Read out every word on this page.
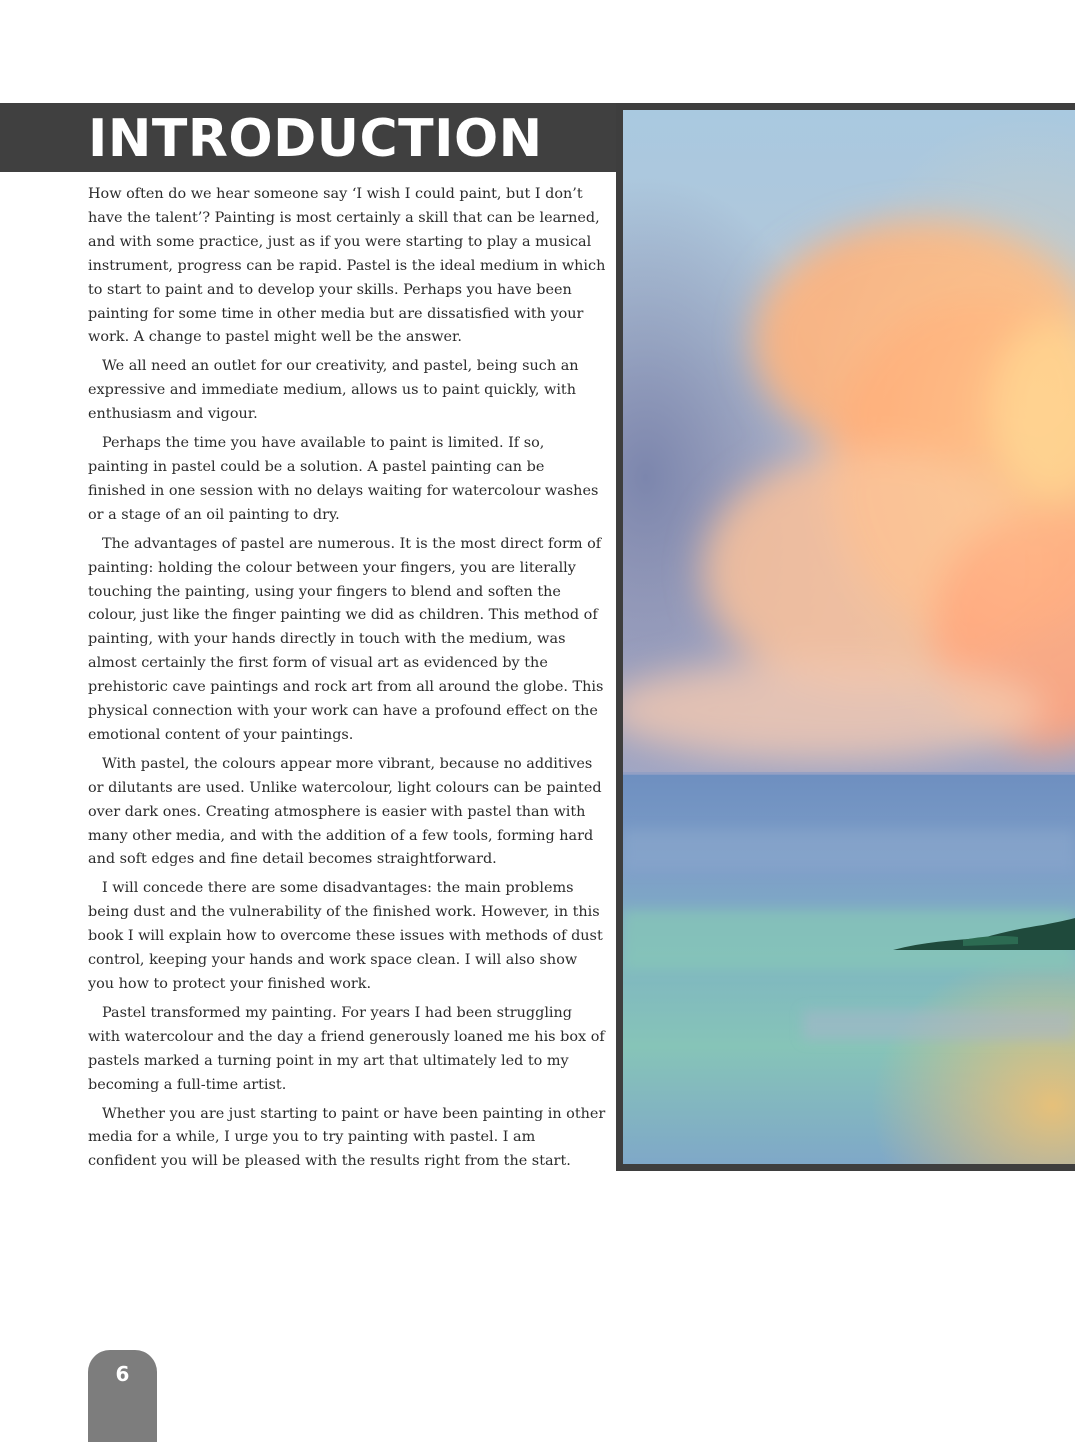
INTRODUCTION

How often do we hear someone say ‘I wish I could paint, but I don’t have the talent’? Painting is most certainly a skill that can be learned, and with some practice, just as if you were starting to play a musical instrument, progress can be rapid. Pastel is the ideal medium in which to start to paint and to develop your skills. Perhaps you have been painting for some time in other media but are dissatisfied with your work. A change to pastel might well be the answer.

We all need an outlet for our creativity, and pastel, being such an expressive and immediate medium, allows us to paint quickly, with enthusiasm and vigour.

Perhaps the time you have available to paint is limited. If so, painting in pastel could be a solution. A pastel painting can be finished in one session with no delays waiting for watercolour washes or a stage of an oil painting to dry.

The advantages of pastel are numerous. It is the most direct form of painting: holding the colour between your fingers, you are literally touching the painting, using your fingers to blend and soften the colour, just like the finger painting we did as children. This method of painting, with your hands directly in touch with the medium, was almost certainly the first form of visual art as evidenced by the prehistoric cave paintings and rock art from all around the globe. This physical connection with your work can have a profound effect on the emotional content of your paintings.

With pastel, the colours appear more vibrant, because no additives or dilutants are used. Unlike watercolour, light colours can be painted over dark ones. Creating atmosphere is easier with pastel than with many other media, and with the addition of a few tools, forming hard and soft edges and fine detail becomes straightforward.

I will concede there are some disadvantages: the main problems being dust and the vulnerability of the finished work. However, in this book I will explain how to overcome these issues with methods of dust control, keeping your hands and work space clean. I will also show you how to protect your finished work.

Pastel transformed my painting. For years I had been struggling with watercolour and the day a friend generously loaned me his box of pastels marked a turning point in my art that ultimately led to my becoming a full-time artist.

Whether you are just starting to paint or have been painting in other media for a while, I urge you to try painting with pastel. I am confident you will be pleased with the results right from the start.

6
